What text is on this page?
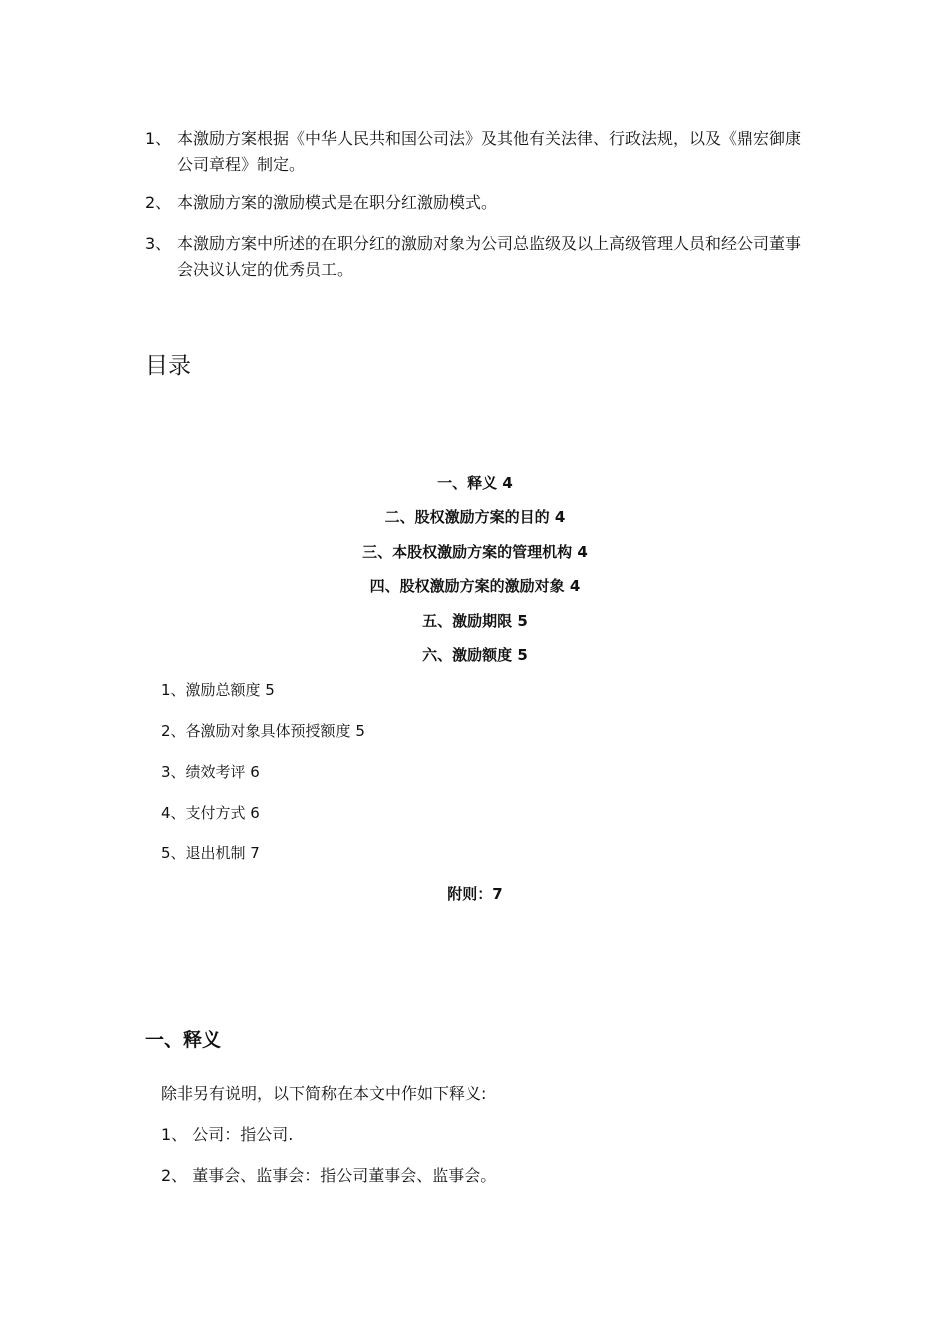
1、 本激励方案根据《中华人民共和国公司法》及其他有关法律、行政法规，以及《鼎宏御康公司章程》制定。
2、 本激励方案的激励模式是在职分红激励模式。
3、 本激励方案中所述的在职分红的激励对象为公司总监级及以上高级管理人员和经公司董事会决议认定的优秀员工。
目录
一、释义 4
二、股权激励方案的目的 4
三、本股权激励方案的管理机构 4
四、股权激励方案的激励对象 4
五、激励期限 5
六、激励额度 5
1、激励总额度 5
2、各激励对象具体预授额度 5
3、绩效考评 6
4、支付方式 6
5、退出机制 7
附则：7
一、释义
除非另有说明，以下简称在本文中作如下释义:
1、 公司：指公司.
2、 董事会、监事会：指公司董事会、监事会。
